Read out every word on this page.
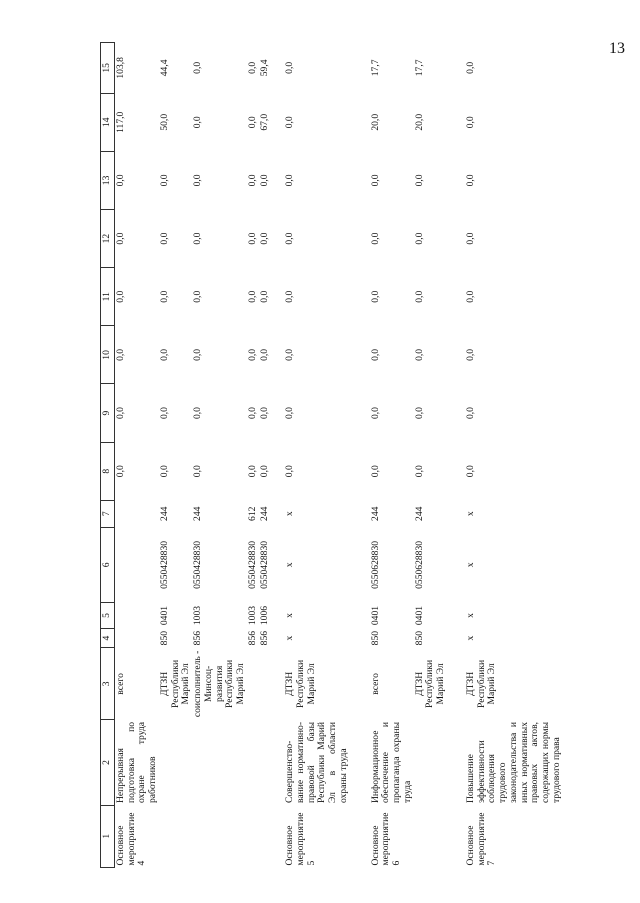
13
1	2	3	4	5	6	7	8	9	10	11	12	13	14	15
Основное мероприятие 4	Непрерывная подготовка по охране труда работников	всего					0,0	0,0	0,0	0,0	0,0	0,0	117,0	103,8
		ДТЗН Республики Марий Эл	850	0401	0550428830	244	0,0	0,0	0,0	0,0	0,0	0,0	50,0	44,4
		соисполнитель - Минсоц-развития Республики Марий Эл	856	1003	0550428830	244	0,0	0,0	0,0	0,0	0,0	0,0	0,0	0,0
			856	1003	0550428830	612	0,0	0,0	0,0	0,0	0,0	0,0	0,0	0,0
			856	1006	0550428830	244	0,0	0,0	0,0	0,0	0,0	0,0	67,0	59,4

Основное мероприятие 5	Совершенство-вание нормативно-правовой базы Республики Марий Эл в области охраны труда	ДТЗН Республики Марий Эл	х	х	х	х	0,0	0,0	0,0	0,0	0,0	0,0	0,0	0,0

Основное мероприятие 6	Информационное обеспечение и пропаганда охраны труда	всего	850	0401	0550628830	244	0,0	0,0	0,0	0,0	0,0	0,0	20,0	17,7
		ДТЗН Республики Марий Эл	850	0401	0550628830	244	0,0	0,0	0,0	0,0	0,0	0,0	20,0	17,7

Основное мероприятие 7	Повышение эффективности соблюдения трудового законодательства и иных нормативных правовых актов, содержащих нормы трудового права	ДТЗН Республики Марий Эл	х	х	х	х	0,0	0,0	0,0	0,0	0,0	0,0	0,0	0,0
